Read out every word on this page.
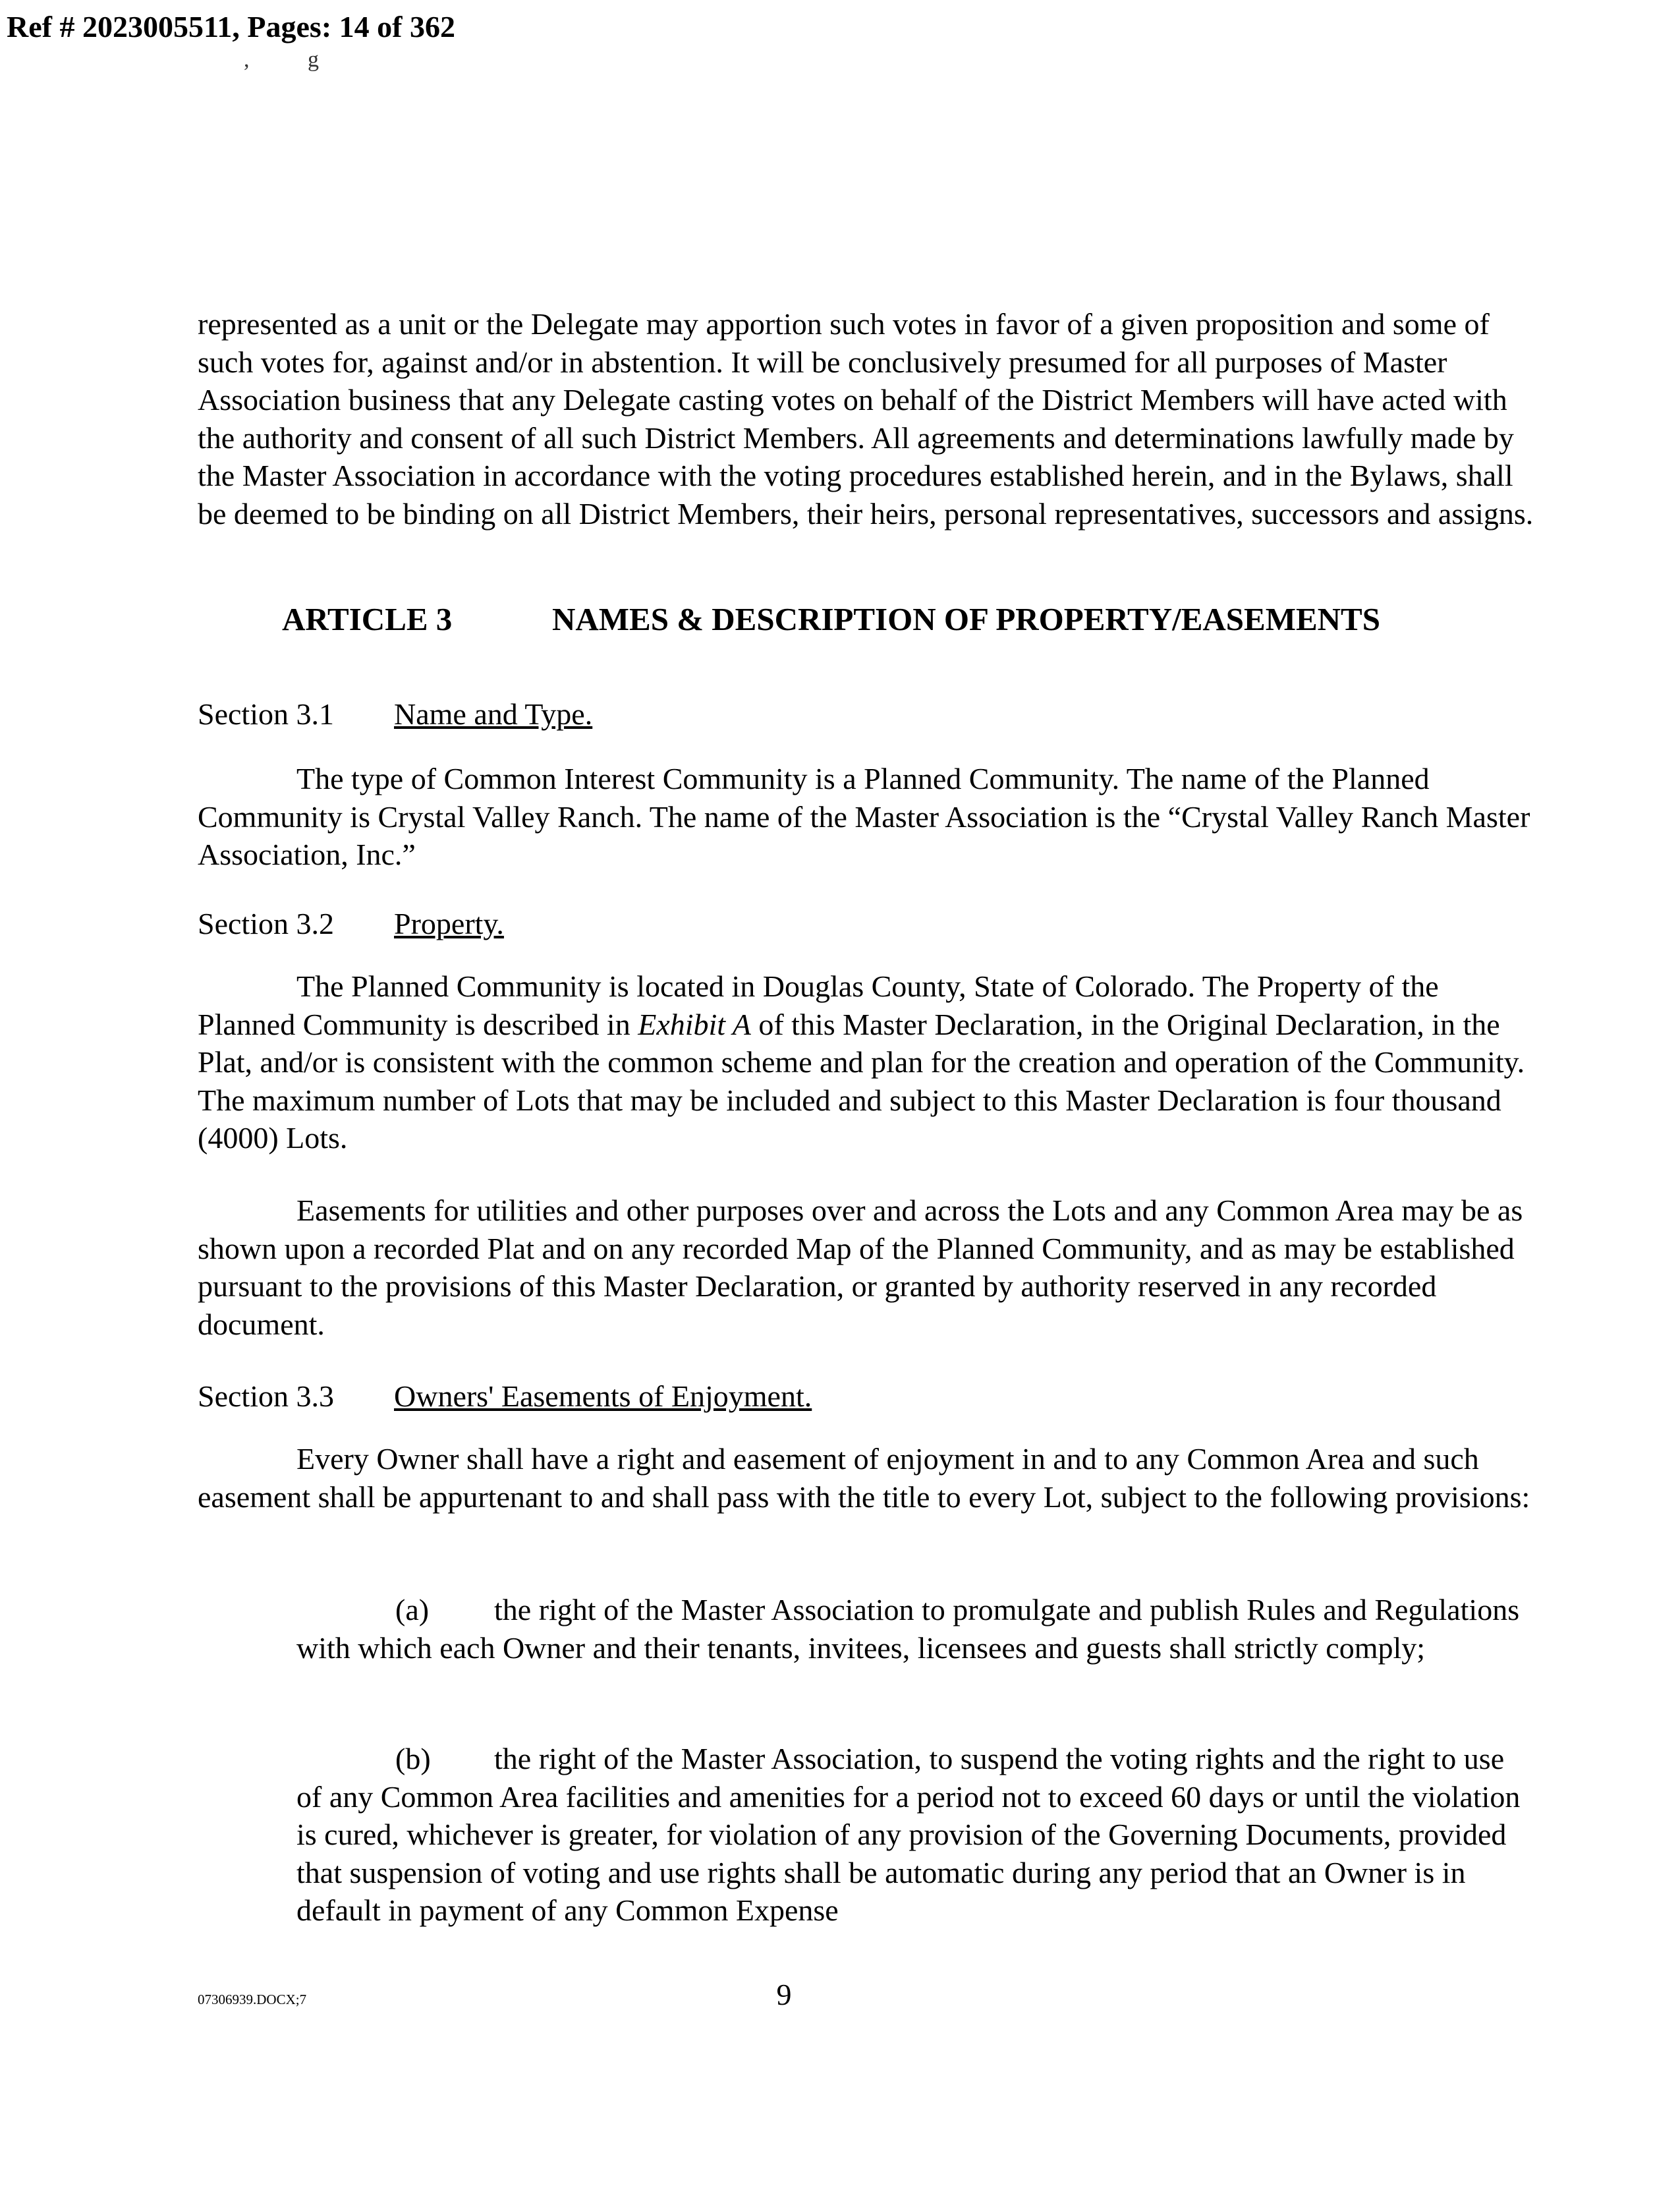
Ref # 2023005511, Pages: 14 of 362
, g

represented as a unit or the Delegate may apportion such votes in favor of a given proposition and some of such votes for, against and/or in abstention. It will be conclusively presumed for all purposes of Master Association business that any Delegate casting votes on behalf of the District Members will have acted with the authority and consent of all such District Members. All agreements and determinations lawfully made by the Master Association in accordance with the voting procedures established herein, and in the Bylaws, shall be deemed to be binding on all District Members, their heirs, personal representatives, successors and assigns.

ARTICLE 3	NAMES & DESCRIPTION OF PROPERTY/EASEMENTS
Section 3.1 Name and Type.

The type of Common Interest Community is a Planned Community. The name of the Planned Community is Crystal Valley Ranch. The name of the Master Association is the “Crystal Valley Ranch Master Association, Inc.”

Section 3.2 Property.

The Planned Community is located in Douglas County, State of Colorado. The Property of the Planned Community is described in Exhibit A of this Master Declaration, in the Original Declaration, in the Plat, and/or is consistent with the common scheme and plan for the creation and operation of the Community. The maximum number of Lots that may be included and subject to this Master Declaration is four thousand (4000) Lots.

Easements for utilities and other purposes over and across the Lots and any Common Area may be as shown upon a recorded Plat and on any recorded Map of the Planned Community, and as may be established pursuant to the provisions of this Master Declaration, or granted by authority reserved in any recorded document.

Section 3.3 Owners' Easements of Enjoyment.

Every Owner shall have a right and easement of enjoyment in and to any Common Area and such easement shall be appurtenant to and shall pass with the title to every Lot, subject to the following provisions:

(a) the right of the Master Association to promulgate and publish Rules and Regulations with which each Owner and their tenants, invitees, licensees and guests shall strictly comply;

(b) the right of the Master Association, to suspend the voting rights and the right to use of any Common Area facilities and amenities for a period not to exceed 60 days or until the violation is cured, whichever is greater, for violation of any provision of the Governing Documents, provided that suspension of voting and use rights shall be automatic during any period that an Owner is in default in payment of any Common Expense

07306939.DOCX;7	9
